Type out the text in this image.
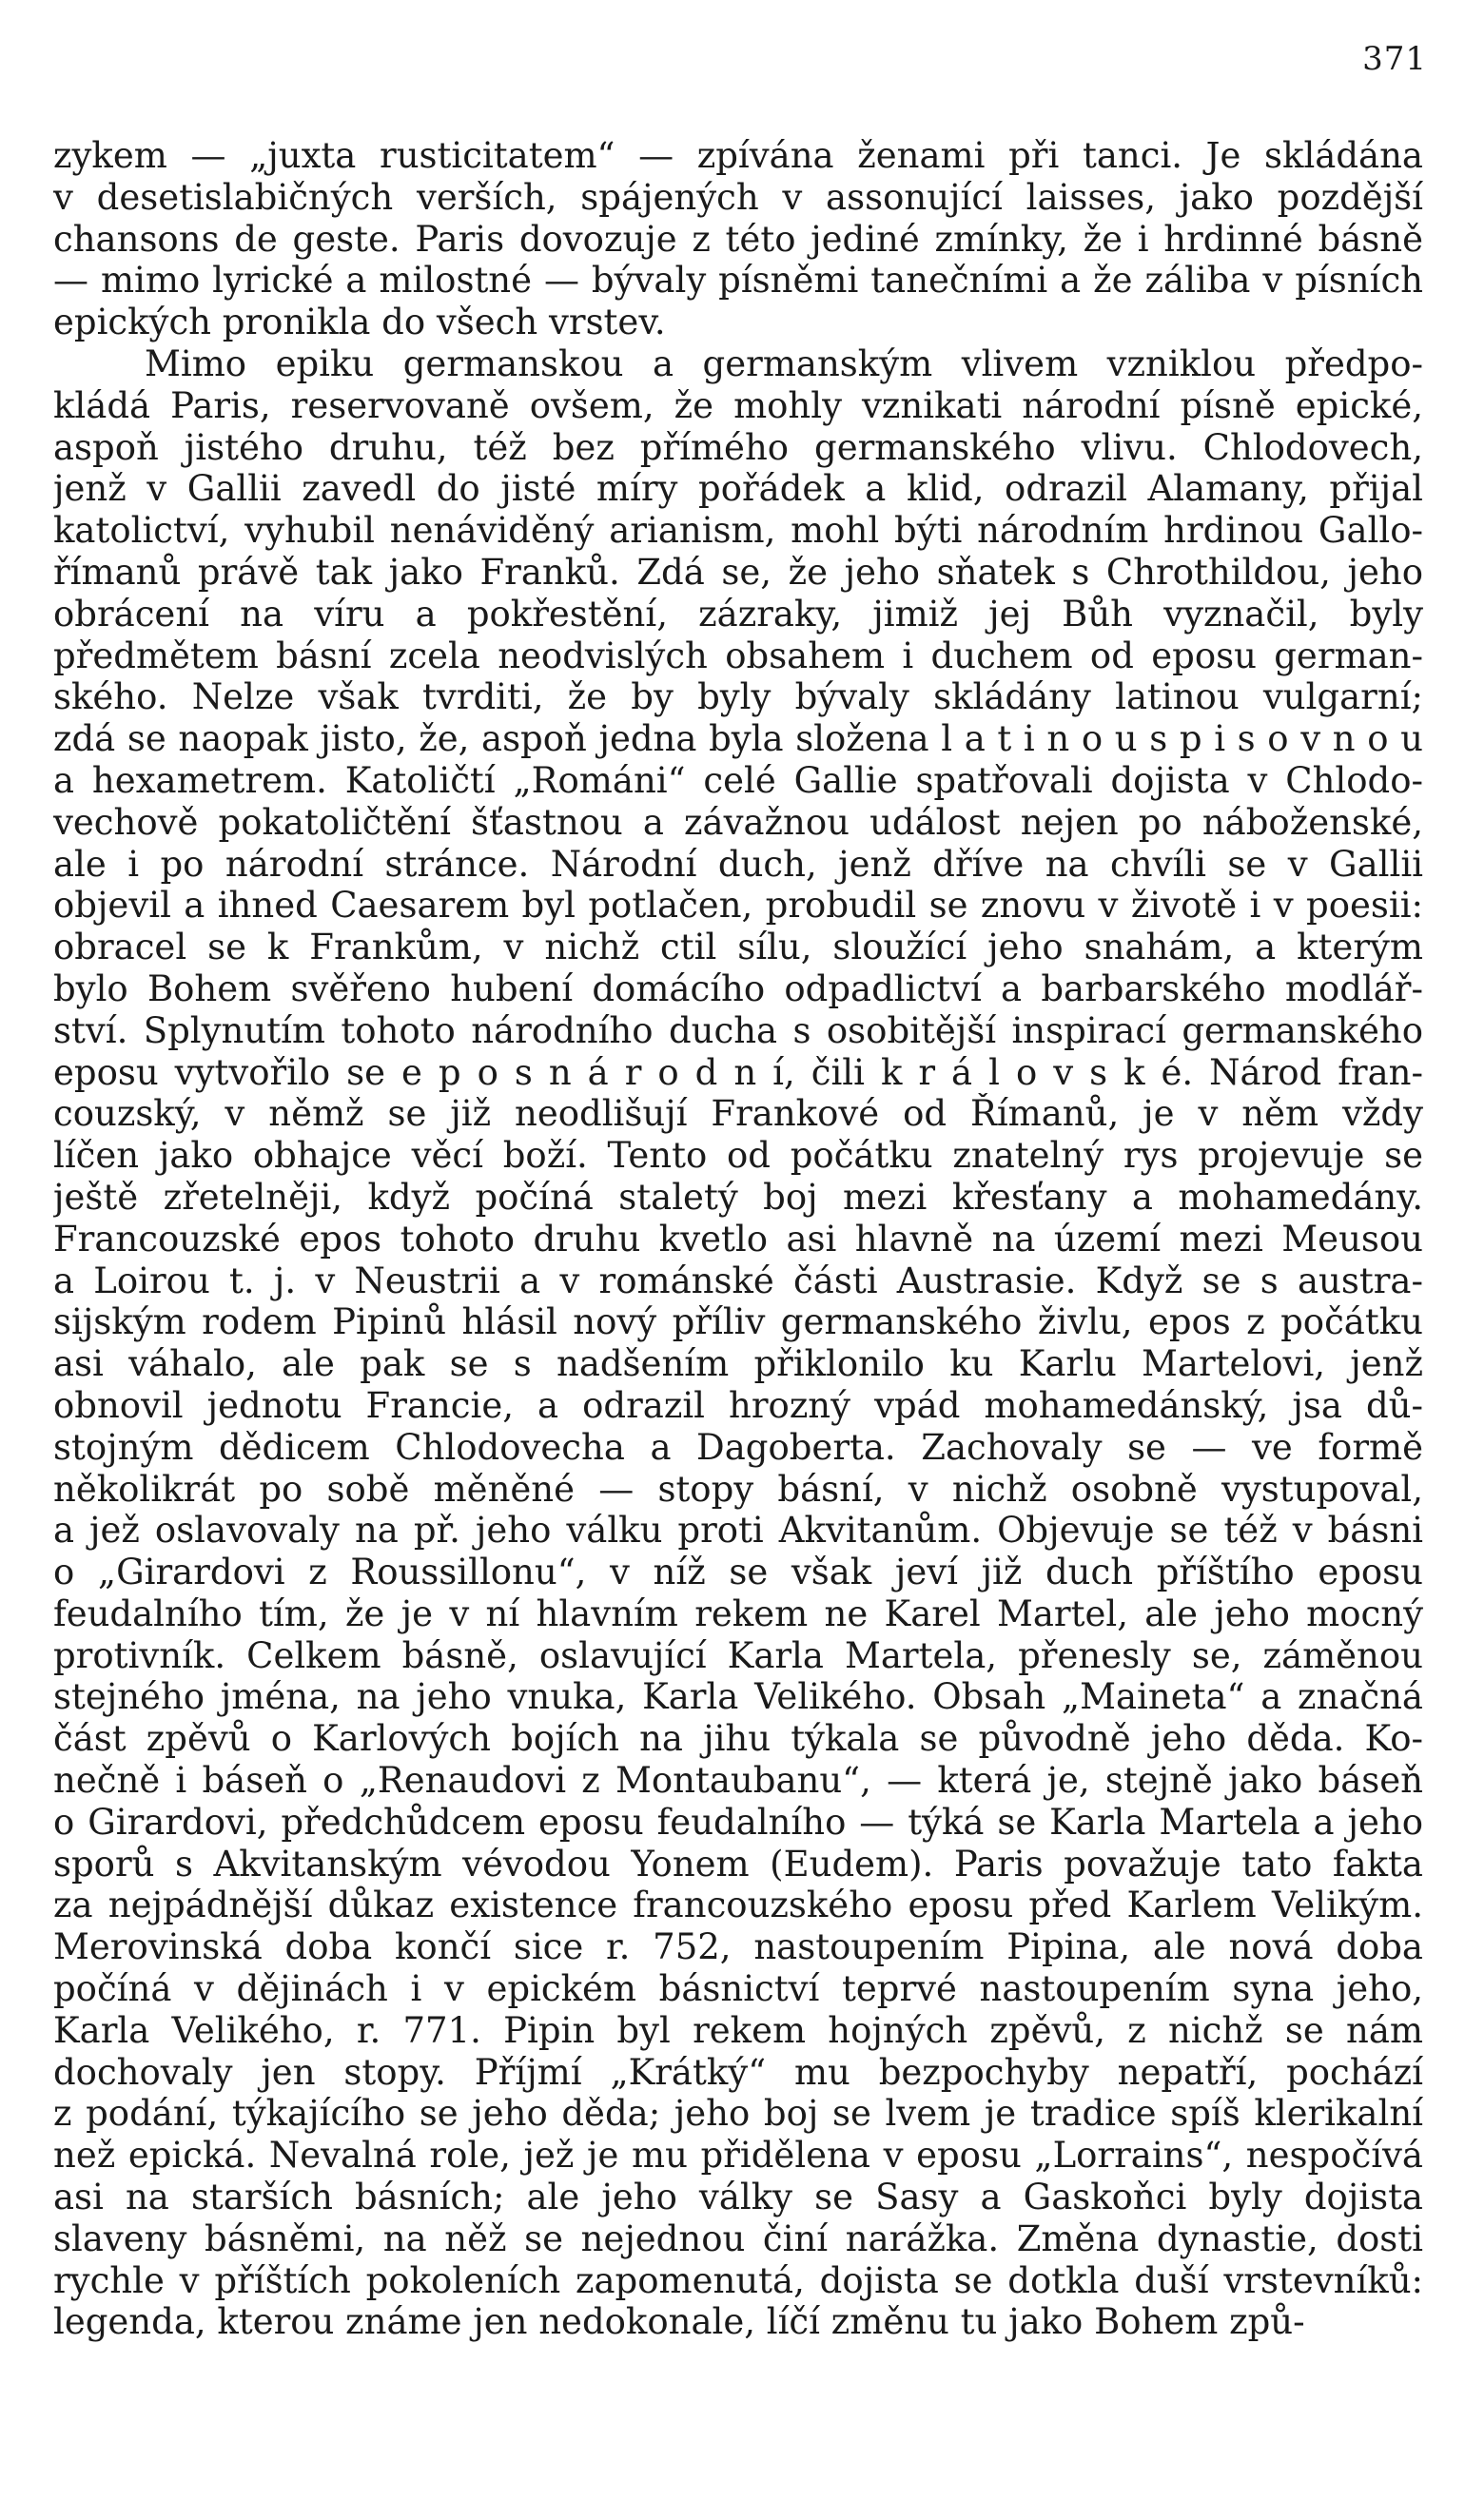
371

zykem — „juxta rusticitatem“ — zpívána ženami při tanci. Je skládána
v desetislabičných verších, spájených v assonující laisses, jako pozdější
chansons de geste. Paris dovozuje z této jediné zmínky, že i hrdinné básně
— mimo lyrické a milostné — bývaly písněmi tanečními a že záliba v písních
epických pronikla do všech vrstev.
Mimo epiku germanskou a germanským vlivem vzniklou předpo-
kládá Paris, reservovaně ovšem, že mohly vznikati národní písně epické,
aspoň jistého druhu, též bez přímého germanského vlivu. Chlodovech,
jenž v Gallii zavedl do jisté míry pořádek a klid, odrazil Alamany, přijal
katolictví, vyhubil nenáviděný arianism, mohl býti národním hrdinou Gallo-
římanů právě tak jako Franků. Zdá se, že jeho sňatek s Chrothildou, jeho
obrácení na víru a pokřestění, zázraky, jimiž jej Bůh vyznačil, byly
předmětem básní zcela neodvislých obsahem i duchem od eposu german-
ského. Nelze však tvrditi, že by byly bývaly skládány latinou vulgarní;
zdá se naopak jisto, že, aspoň jedna byla složena l a t i n o u s p i s o v n o u
a hexametrem. Katoličtí „Románi“ celé Gallie spatřovali dojista v Chlodo-
vechově pokatoličtění šťastnou a závažnou událost nejen po náboženské,
ale i po národní stránce. Národní duch, jenž dříve na chvíli se v Gallii
objevil a ihned Caesarem byl potlačen, probudil se znovu v životě i v poesii:
obracel se k Frankům, v nichž ctil sílu, sloužící jeho snahám, a kterým
bylo Bohem svěřeno hubení domácího odpadlictví a barbarského modlář-
ství. Splynutím tohoto národního ducha s osobitější inspirací germanského
eposu vytvořilo se e p o s n á r o d n í, čili k r á l o v s k é. Národ fran-
couzský, v němž se již neodlišují Frankové od Římanů, je v něm vždy
líčen jako obhajce věcí boží. Tento od počátku znatelný rys projevuje se
ještě zřetelněji, když počíná staletý boj mezi křesťany a mohamedány.
Francouzské epos tohoto druhu kvetlo asi hlavně na území mezi Meusou
a Loirou t. j. v Neustrii a v románské části Austrasie. Když se s austra-
sijským rodem Pipinů hlásil nový příliv germanského živlu, epos z počátku
asi váhalo, ale pak se s nadšením přiklonilo ku Karlu Martelovi, jenž
obnovil jednotu Francie, a odrazil hrozný vpád mohamedánský, jsa dů-
stojným dědicem Chlodovecha a Dagoberta. Zachovaly se — ve formě
několikrát po sobě měněné — stopy básní, v nichž osobně vystupoval,
a jež oslavovaly na př. jeho válku proti Akvitanům. Objevuje se též v básni
o „Girardovi z Roussillonu“, v níž se však jeví již duch příštího eposu
feudalního tím, že je v ní hlavním rekem ne Karel Martel, ale jeho mocný
protivník. Celkem básně, oslavující Karla Martela, přenesly se, záměnou
stejného jména, na jeho vnuka, Karla Velikého. Obsah „Maineta“ a značná
část zpěvů o Karlových bojích na jihu týkala se původně jeho děda. Ko-
nečně i báseň o „Renaudovi z Montaubanu“, — která je, stejně jako báseň
o Girardovi, předchůdcem eposu feudalního — týká se Karla Martela a jeho
sporů s Akvitanským vévodou Yonem (Eudem). Paris považuje tato fakta
za nejpádnější důkaz existence francouzského eposu před Karlem Velikým.
Merovinská doba končí sice r. 752, nastoupením Pipina, ale nová doba
počíná v dějinách i v epickém básnictví teprvé nastoupením syna jeho,
Karla Velikého, r. 771. Pipin byl rekem hojných zpěvů, z nichž se nám
dochovaly jen stopy. Příjmí „Krátký“ mu bezpochyby nepatří, pochází
z podání, týkajícího se jeho děda; jeho boj se lvem je tradice spíš klerikalní
než epická. Nevalná role, jež je mu přidělena v eposu „Lorrains“, nespočívá
asi na starších básních; ale jeho války se Sasy a Gaskoňci byly dojista
slaveny básněmi, na něž se nejednou činí narážka. Změna dynastie, dosti
rychle v příštích pokoleních zapomenutá, dojista se dotkla duší vrstevníků:
legenda, kterou známe jen nedokonale, líčí změnu tu jako Bohem způ-
